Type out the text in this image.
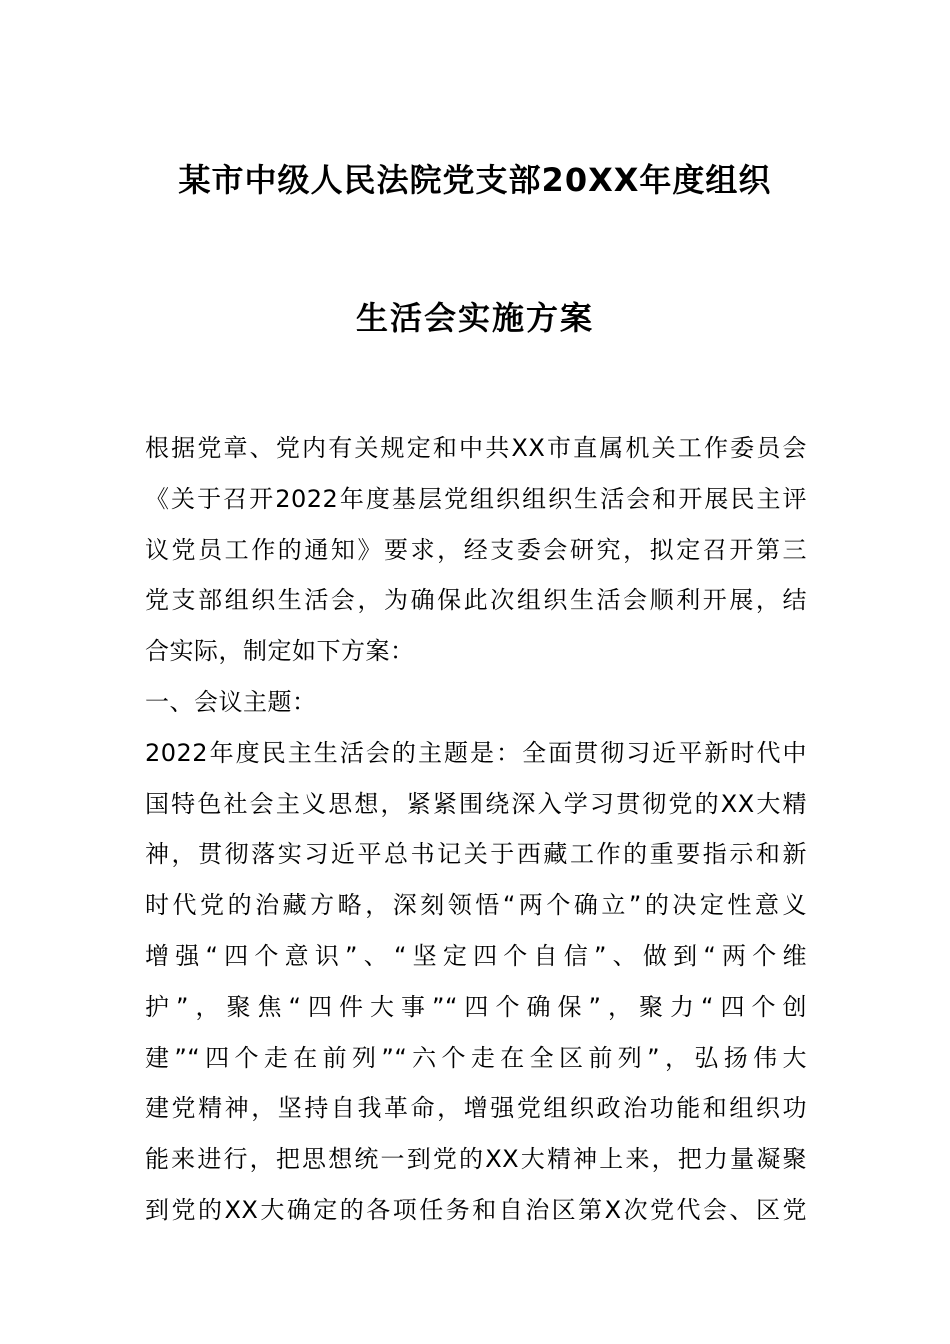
某市中级人民法院党支部20XX年度组织
生活会实施方案
根据党章、党内有关规定和中共XX市直属机关工作委员会
《关于召开2022年度基层党组织组织生活会和开展民主评
议党员工作的通知》要求，经支委会研究，拟定召开第三
党支部组织生活会，为确保此次组织生活会顺利开展，结
合实际，制定如下方案：
一、会议主题：
2022年度民主生活会的主题是：全面贯彻习近平新时代中
国特色社会主义思想，紧紧围绕深入学习贯彻党的XX大精
神，贯彻落实习近平总书记关于西藏工作的重要指示和新
时代党的治藏方略，深刻领悟“两个确立”的决定性意义
增强“四个意识”、“坚定四个自信”、做到“两个维
护”，聚焦“四件大事”“四个确保”，聚力“四个创
建”“四个走在前列”“六个走在全区前列”，弘扬伟大
建党精神，坚持自我革命，增强党组织政治功能和组织功
能来进行，把思想统一到党的XX大精神上来，把力量凝聚
到党的XX大确定的各项任务和自治区第X次党代会、区党
